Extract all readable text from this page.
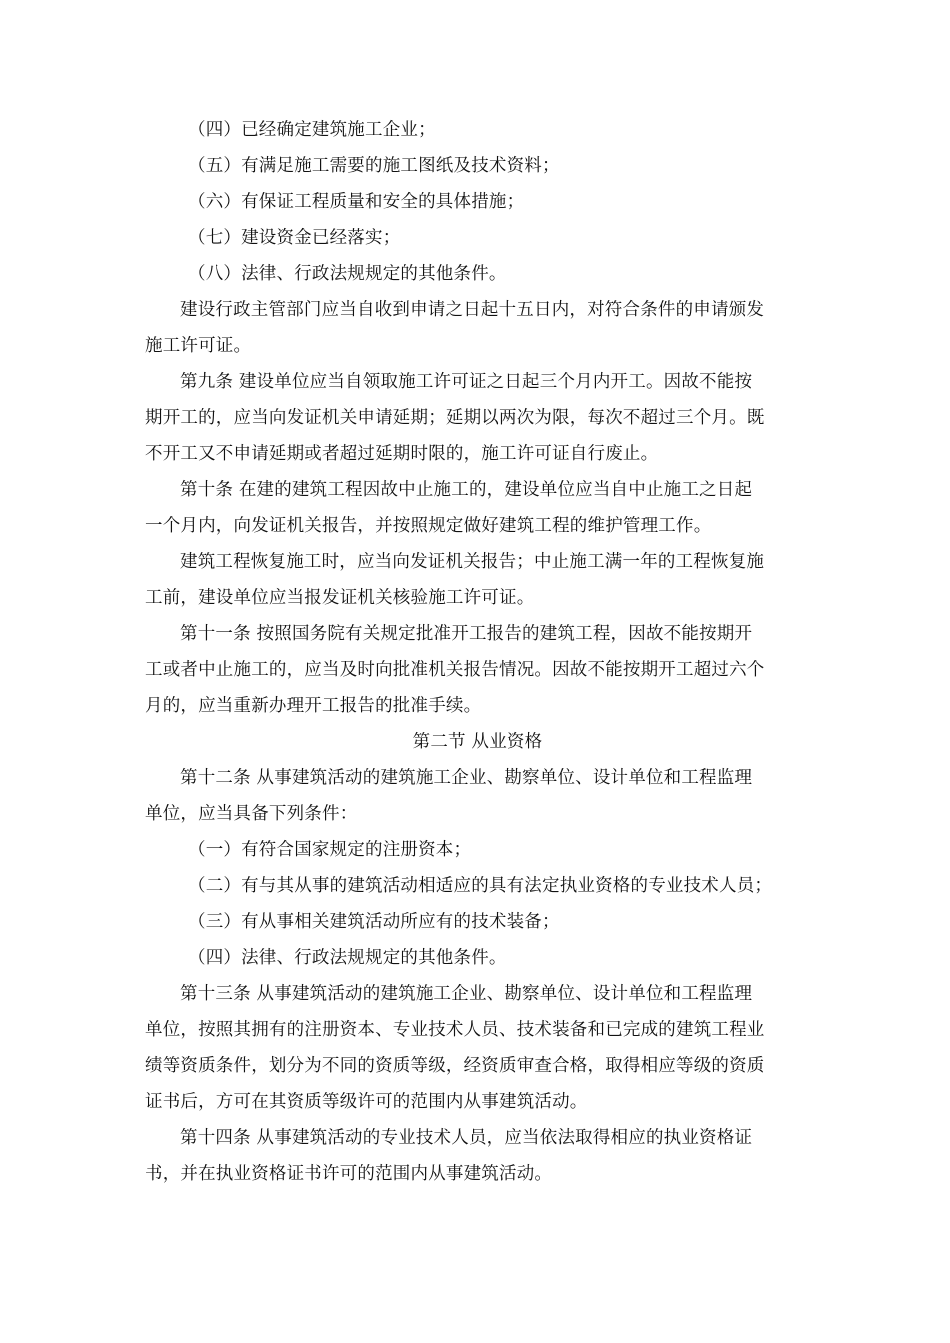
（四）已经确定建筑施工企业；
（五）有满足施工需要的施工图纸及技术资料；
（六）有保证工程质量和安全的具体措施；
（七）建设资金已经落实；
（八）法律、行政法规规定的其他条件。
建设行政主管部门应当自收到申请之日起十五日内，对符合条件的申请颁发
施工许可证。
第九条 建设单位应当自领取施工许可证之日起三个月内开工。因故不能按
期开工的，应当向发证机关申请延期；延期以两次为限，每次不超过三个月。既
不开工又不申请延期或者超过延期时限的，施工许可证自行废止。
第十条 在建的建筑工程因故中止施工的，建设单位应当自中止施工之日起
一个月内，向发证机关报告，并按照规定做好建筑工程的维护管理工作。
建筑工程恢复施工时，应当向发证机关报告；中止施工满一年的工程恢复施
工前，建设单位应当报发证机关核验施工许可证。
第十一条 按照国务院有关规定批准开工报告的建筑工程，因故不能按期开
工或者中止施工的，应当及时向批准机关报告情况。因故不能按期开工超过六个
月的，应当重新办理开工报告的批准手续。
第二节 从业资格
第十二条 从事建筑活动的建筑施工企业、勘察单位、设计单位和工程监理
单位，应当具备下列条件：
（一）有符合国家规定的注册资本；
（二）有与其从事的建筑活动相适应的具有法定执业资格的专业技术人员；
（三）有从事相关建筑活动所应有的技术装备；
（四）法律、行政法规规定的其他条件。
第十三条 从事建筑活动的建筑施工企业、勘察单位、设计单位和工程监理
单位，按照其拥有的注册资本、专业技术人员、技术装备和已完成的建筑工程业
绩等资质条件，划分为不同的资质等级，经资质审查合格，取得相应等级的资质
证书后，方可在其资质等级许可的范围内从事建筑活动。
第十四条 从事建筑活动的专业技术人员，应当依法取得相应的执业资格证
书，并在执业资格证书许可的范围内从事建筑活动。
